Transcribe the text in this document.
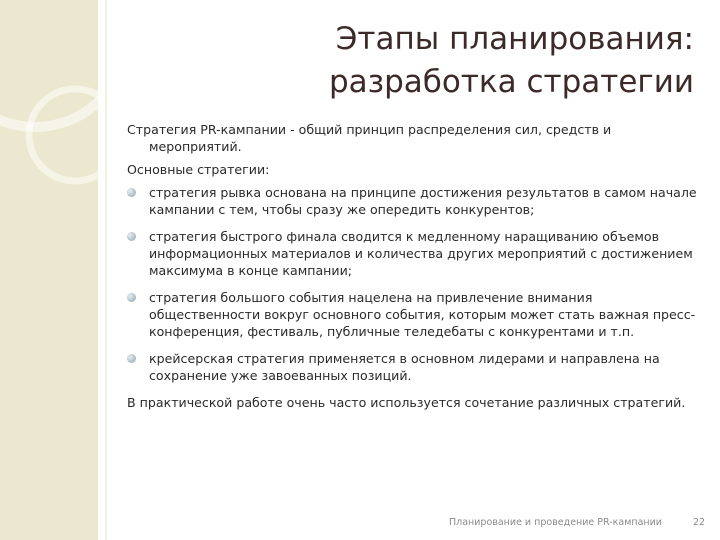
Этапы планирования:
разработка стратегии

Стратегия PR-кампании - общий принцип распределения сил, средств и мероприятий.

Основные стратегии:

стратегия рывка основана на принципе достижения результатов в самом начале кампании с тем, чтобы сразу же опередить конкурентов;
стратегия быстрого финала сводится к медленному наращиванию объемов информационных материалов и количества других мероприятий с достижением максимума в конце кампании;
стратегия большого события нацелена на привлечение внимания общественности вокруг основного события, которым может стать важная пресс-конференция, фестиваль, публичные теледебаты с конкурентами и т.п.
крейсерская стратегия применяется в основном лидерами и направлена на сохранение уже завоеванных позиций.

В практической работе очень часто используется сочетание различных стратегий.

Планирование и проведение PR-кампании	22
